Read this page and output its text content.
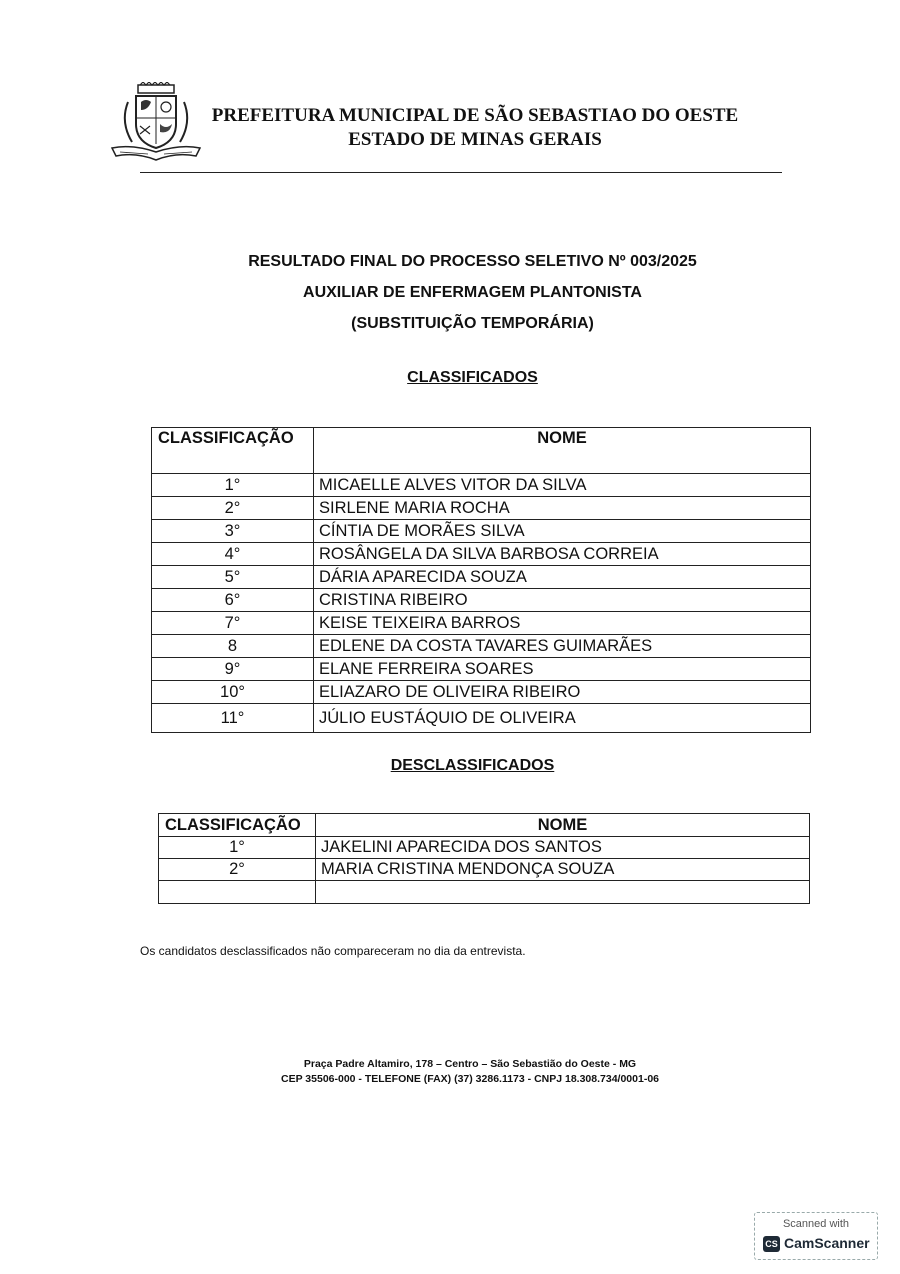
PREFEITURA MUNICIPAL DE SÃO SEBASTIAO DO OESTE
ESTADO DE MINAS GERAIS
RESULTADO FINAL DO PROCESSO SELETIVO Nº 003/2025
AUXILIAR DE ENFERMAGEM PLANTONISTA
(SUBSTITUIÇÃO TEMPORÁRIA)
CLASSIFICADOS
CLASSIFICAÇÃO	NOME
1°	MICAELLE ALVES VITOR DA SILVA
2°	SIRLENE MARIA ROCHA
3°	CÍNTIA DE MORÃES SILVA
4°	ROSÂNGELA DA SILVA BARBOSA CORREIA
5°	DÁRIA APARECIDA SOUZA
6°	CRISTINA RIBEIRO
7°	KEISE TEIXEIRA BARROS
8	EDLENE DA COSTA TAVARES GUIMARÃES
9°	ELANE FERREIRA SOARES
10°	ELIAZARO DE OLIVEIRA RIBEIRO
11°	JÚLIO EUSTÁQUIO DE OLIVEIRA
DESCLASSIFICADOS
CLASSIFICAÇÃO	NOME
1°	JAKELINI APARECIDA DOS SANTOS
2°	MARIA CRISTINA MENDONÇA SOUZA

Os candidatos desclassificados não compareceram no dia da entrevista.
Praça Padre Altamiro, 178 – Centro – São Sebastião do Oeste - MG
CEP 35506-000 - TELEFONE (FAX) (37) 3286.1173 - CNPJ 18.308.734/0001-06
Scanned with
CS CamScanner
